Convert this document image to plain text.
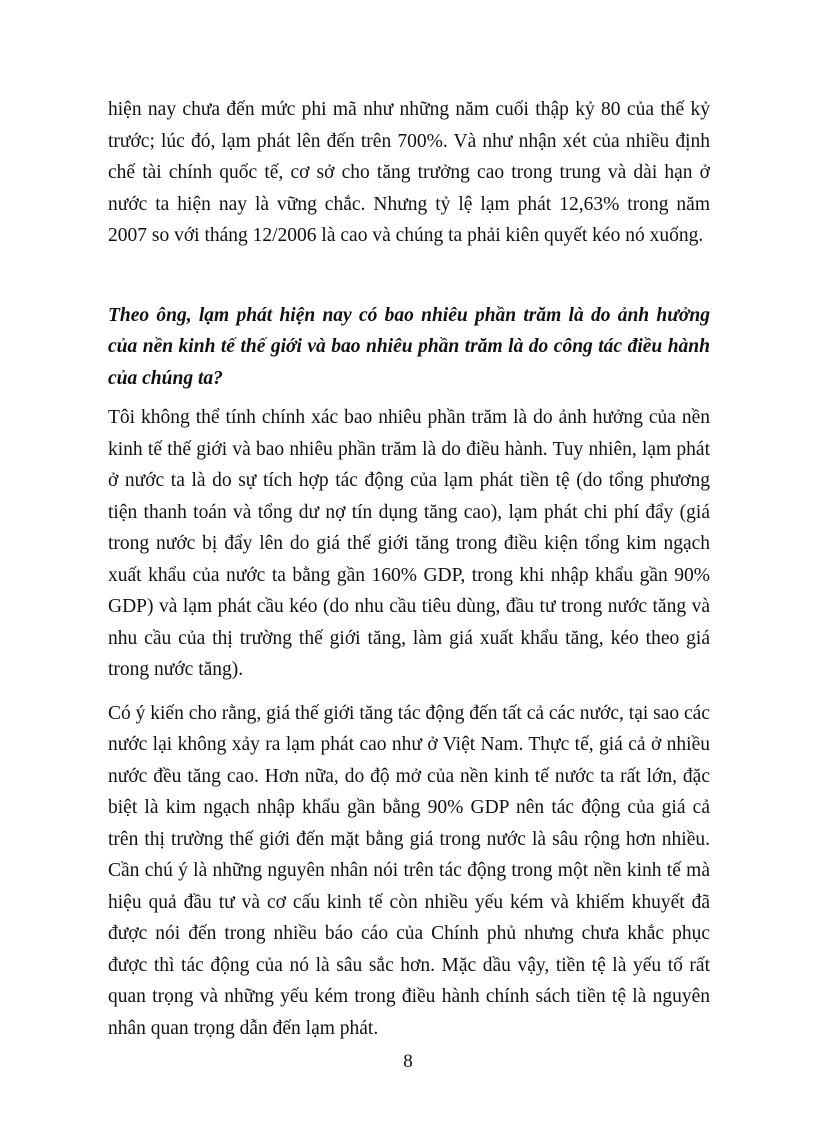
hiện nay chưa đến mức phi mã như những năm cuối thập kỷ 80 của thế kỷ trước; lúc đó, lạm phát lên đến trên 700%. Và như nhận xét của nhiều định chế tài chính quốc tế, cơ sở cho tăng trưởng cao trong trung và dài hạn ở nước ta hiện nay là vững chắc. Nhưng tỷ lệ lạm phát 12,63% trong năm 2007 so với tháng 12/2006 là cao và chúng ta phải kiên quyết kéo nó xuống.

Theo ông, lạm phát hiện nay có bao nhiêu phần trăm là do ảnh hưởng của nền kinh tế thế giới và bao nhiêu phần trăm là do công tác điều hành của chúng ta?

Tôi không thể tính chính xác bao nhiêu phần trăm là do ảnh hưởng của nền kinh tế thế giới và bao nhiêu phần trăm là do điều hành. Tuy nhiên, lạm phát ở nước ta là do sự tích hợp tác động của lạm phát tiền tệ (do tổng phương tiện thanh toán và tổng dư nợ tín dụng tăng cao), lạm phát chi phí đẩy (giá trong nước bị đẩy lên do giá thế giới tăng trong điều kiện tổng kim ngạch xuất khẩu của nước ta bằng gần 160% GDP, trong khi nhập khẩu gần 90% GDP) và lạm phát cầu kéo (do nhu cầu tiêu dùng, đầu tư trong nước tăng và nhu cầu của thị trường thế giới tăng, làm giá xuất khẩu tăng, kéo theo giá trong nước tăng).

Có ý kiến cho rằng, giá thế giới tăng tác động đến tất cả các nước, tại sao các nước lại không xảy ra lạm phát cao như ở Việt Nam. Thực tế, giá cả ở nhiều nước đều tăng cao. Hơn nữa, do độ mở của nền kinh tế nước ta rất lớn, đặc biệt là kim ngạch nhập khẩu gần bằng 90% GDP nên tác động của giá cả trên thị trường thế giới đến mặt bằng giá trong nước là sâu rộng hơn nhiều. Cần chú ý là những nguyên nhân nói trên tác động trong một nền kinh tế mà hiệu quả đầu tư và cơ cấu kinh tế còn nhiều yếu kém và khiếm khuyết đã được nói đến trong nhiều báo cáo của Chính phủ nhưng chưa khắc phục được thì tác động của nó là sâu sắc hơn. Mặc dầu vậy, tiền tệ là yếu tố rất quan trọng và những yếu kém trong điều hành chính sách tiền tệ là nguyên nhân quan trọng dẫn đến lạm phát.

8
